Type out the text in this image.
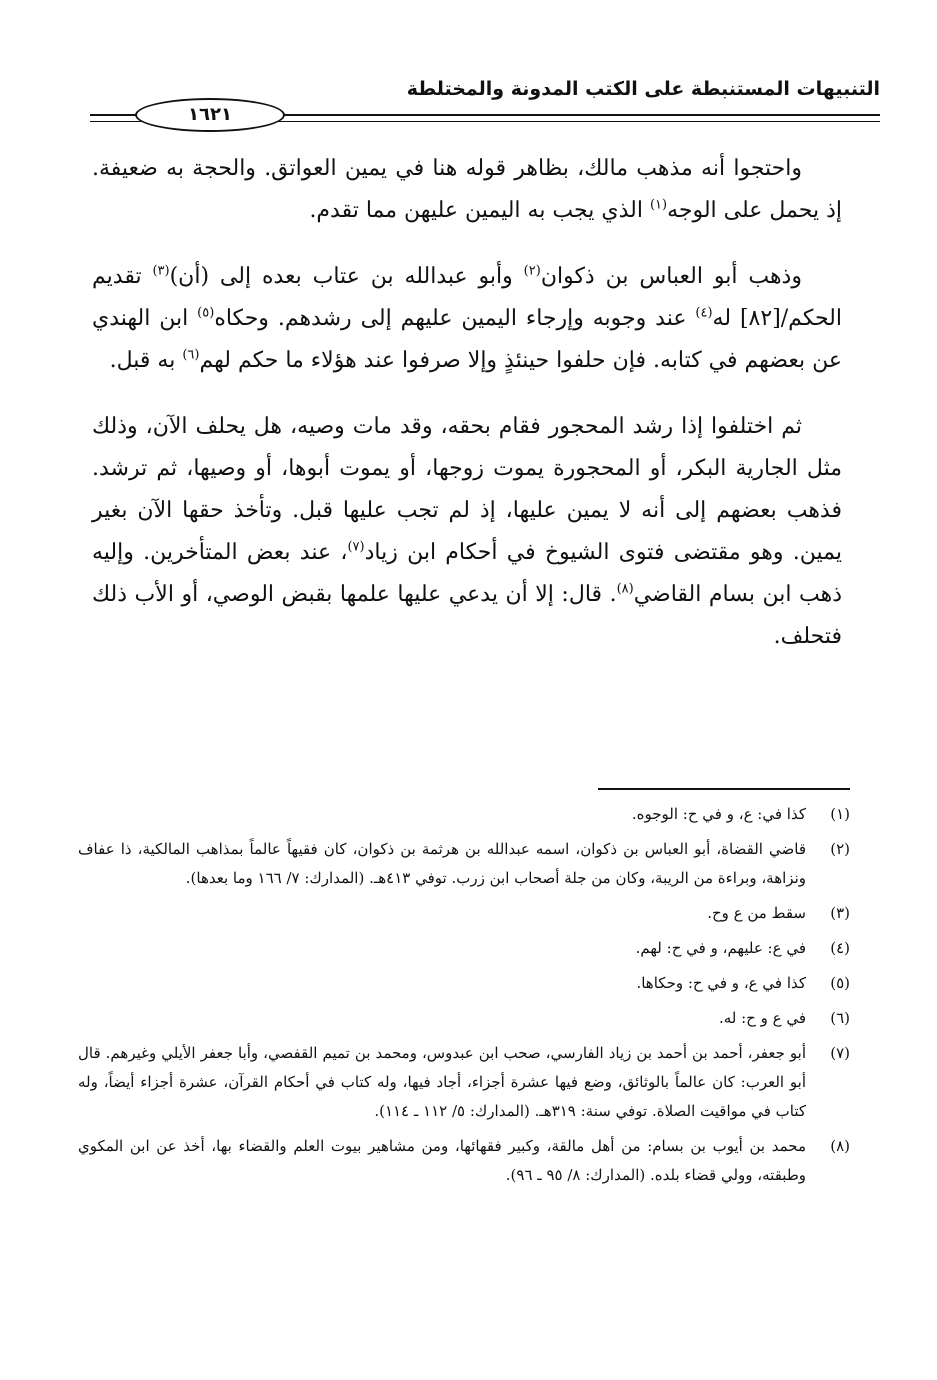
التنبيهات المستنبطة على الكتب المدونة والمختلطة
١٦٢١

واحتجوا أنه مذهب مالك، بظاهر قوله هنا في يمين العواتق. والحجة به ضعيفة. إذ يحمل على الوجه$^{(١)}$ الذي يجب به اليمين عليهن مما تقدم.

وذهب أبو العباس بن ذكوان$^{(٢)}$ وأبو عبدالله بن عتاب بعده إلى (أن)$^{(٣)}$ تقديم الحكم/[٨٢] له$^{(٤)}$ عند وجوبه وإرجاء اليمين عليهم إلى رشدهم. وحكاه$^{(٥)}$ ابن الهندي عن بعضهم في كتابه. فإن حلفوا حينئذٍ وإلا صرفوا عند هؤلاء ما حكم لهم$^{(٦)}$ به قبل.

ثم اختلفوا إذا رشد المحجور فقام بحقه، وقد مات وصيه، هل يحلف الآن، وذلك مثل الجارية البكر، أو المحجورة يموت زوجها، أو يموت أبوها، أو وصيها، ثم ترشد. فذهب بعضهم إلى أنه لا يمين عليها، إذ لم تجب عليها قبل. وتأخذ حقها الآن بغير يمين. وهو مقتضى فتوى الشيوخ في أحكام ابن زياد$^{(٧)}$، عند بعض المتأخرين. وإليه ذهب ابن بسام القاضي$^{(٨)}$. قال: إلا أن يدعي عليها علمها بقبض الوصي، أو الأب ذلك فتحلف.

(١)
كذا في: ع، و في ح: الوجوه.
(٢)
قاضي القضاة، أبو العباس بن ذكوان، اسمه عبدالله بن هرثمة بن ذكوان، كان فقيهاً عالماً بمذاهب المالكية، ذا عفاف ونزاهة، وبراءة من الريبة، وكان من جلة أصحاب ابن زرب. توفي ٤١٣هـ. (المدارك: ٧/ ١٦٦ وما بعدها).
(٣)
سقط من ع وح.
(٤)
في ع: عليهم، و في ح: لهم.
(٥)
كذا في ع، و في ح: وحكاها.
(٦)
في ع و ح: له.
(٧)
أبو جعفر، أحمد بن أحمد بن زياد الفارسي، صحب ابن عبدوس، ومحمد بن تميم القفصي، وأبا جعفر الأيلي وغيرهم. قال أبو العرب: كان عالماً بالوثائق، وضع فيها عشرة أجزاء، أجاد فيها، وله كتاب في أحكام القرآن، عشرة أجزاء أيضاً، وله كتاب في مواقيت الصلاة. توفي سنة: ٣١٩هـ. (المدارك: ٥/ ١١٢ ـ ١١٤).
(٨)
محمد بن أيوب بن بسام: من أهل مالقة، وكبير فقهائها، ومن مشاهير بيوت العلم والقضاء بها، أخذ عن ابن المكوي وطبقته، وولي قضاء بلده. (المدارك: ٨/ ٩٥ ـ ٩٦).
